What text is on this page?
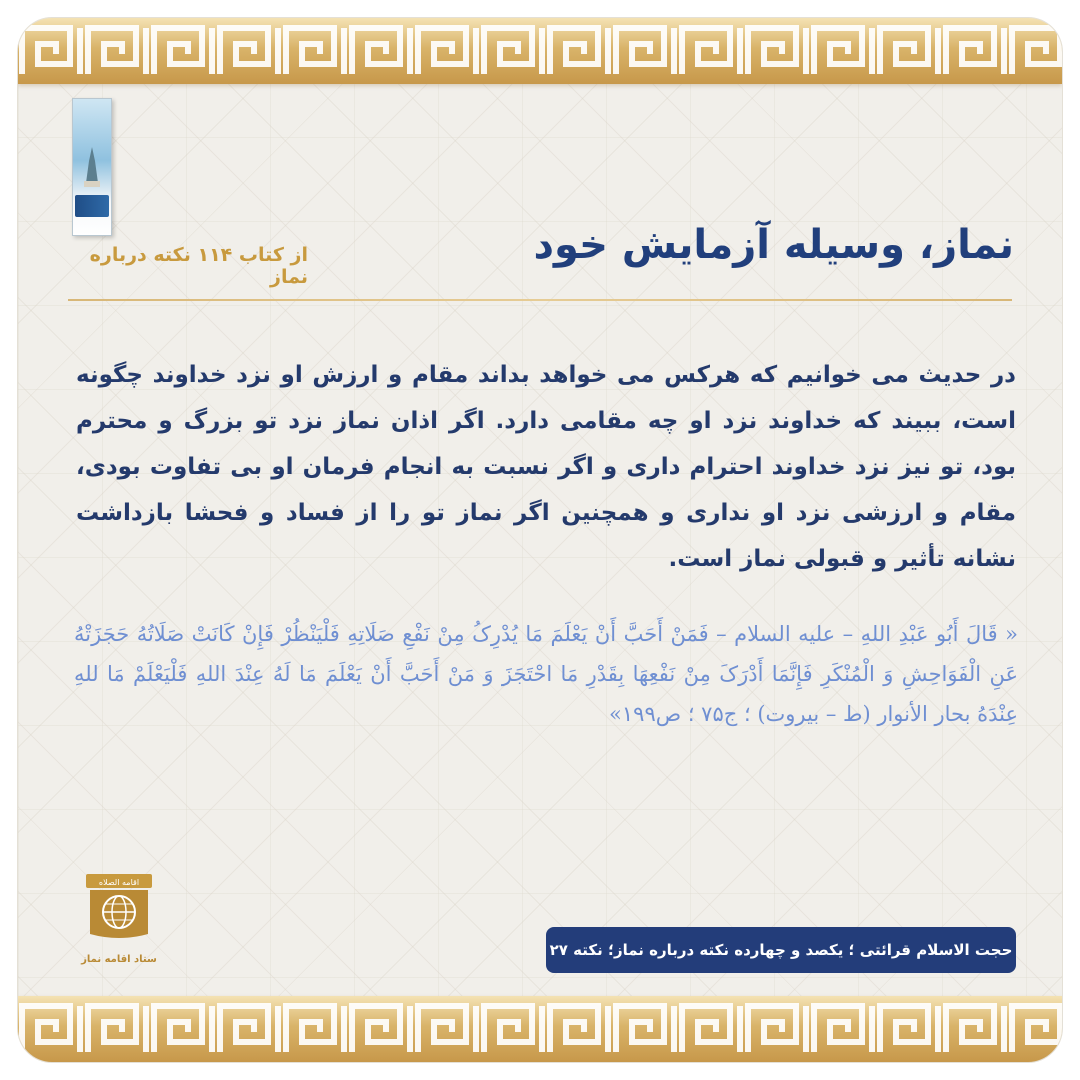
از کتاب ۱۱۴ نکته درباره نماز
نماز، وسیله آزمایش خود
در حدیث می خوانیم که هرکس می خواهد بداند مقام و ارزش او نزد خداوند چگونه است، ببیند که خداوند نزد او چه مقامی دارد. اگر اذان نماز نزد تو بزرگ و محترم بود، تو نیز نزد خداوند احترام داری و اگر نسبت به انجام فرمان او بی تفاوت بودی، مقام و ارزشی نزد او نداری و همچنین اگر نماز تو را از فساد و فحشا بازداشت نشانه تأثیر و قبولی نماز است.
« قَالَ أَبُو عَبْدِ اللهِ – علیه السلام – فَمَنْ أَحَبَّ أَنْ یَعْلَمَ مَا یُدْرِکُ مِنْ نَفْعِ صَلَاتِهِ فَلْیَنْظُرْ فَإِنْ کَانَتْ صَلَاتُهُ حَجَزَتْهُ عَنِ الْفَوَاحِشِ وَ الْمُنْکَرِ فَإِنَّمَا أَدْرَکَ مِنْ نَفْعِهَا بِقَدْرِ مَا احْتَجَزَ وَ مَنْ أَحَبَّ أَنْ یَعْلَمَ مَا لَهُ عِنْدَ اللهِ فَلْیَعْلَمْ مَا للهِ عِنْدَهُ بحار الأنوار (ط – بیروت) ؛ ج۷۵ ؛ ص۱۹۹»
اقامه الصلاه
ستاد اقامه نماز
حجت الاسلام قرائتی ؛ یکصد و چهارده نکته درباره نماز؛ نکته ۲۷
